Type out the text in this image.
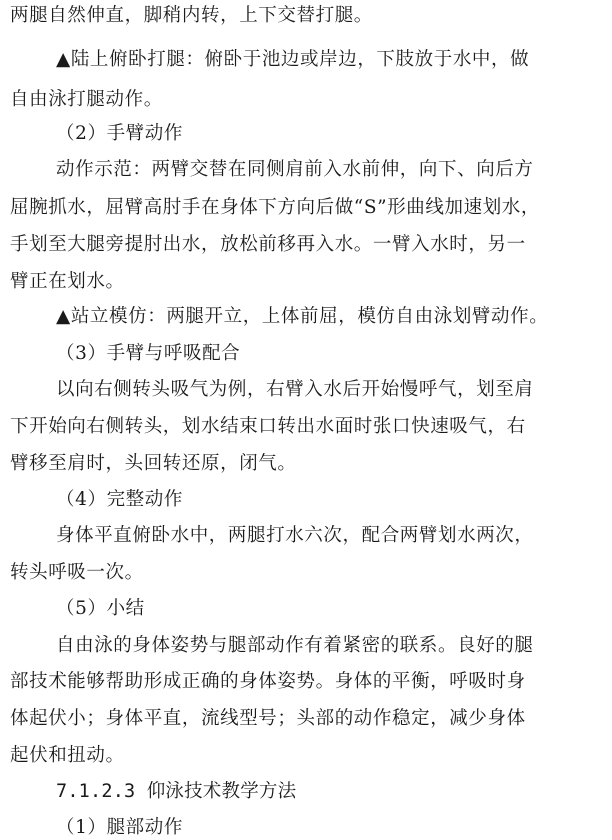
两腿自然伸直，脚稍内转，上下交替打腿。
▲陆上俯卧打腿：俯卧于池边或岸边，下肢放于水中，做
自由泳打腿动作。
（2）手臂动作
动作示范：两臂交替在同侧肩前入水前伸，向下、向后方
屈腕抓水，屈臂高肘手在身体下方向后做“S”形曲线加速划水，
手划至大腿旁提肘出水，放松前移再入水。一臂入水时，另一
臂正在划水。
▲站立模仿：两腿开立，上体前屈，模仿自由泳划臂动作。
（3）手臂与呼吸配合
以向右侧转头吸气为例，右臂入水后开始慢呼气，划至肩
下开始向右侧转头，划水结束口转出水面时张口快速吸气，右
臂移至肩时，头回转还原，闭气。
（4）完整动作
身体平直俯卧水中，两腿打水六次，配合两臂划水两次，
转头呼吸一次。
（5）小结
自由泳的身体姿势与腿部动作有着紧密的联系。良好的腿
部技术能够帮助形成正确的身体姿势。身体的平衡，呼吸时身
体起伏小；身体平直，流线型号；头部的动作稳定，减少身体
起伏和扭动。
7.1.2.3 仰泳技术教学方法
（1）腿部动作
